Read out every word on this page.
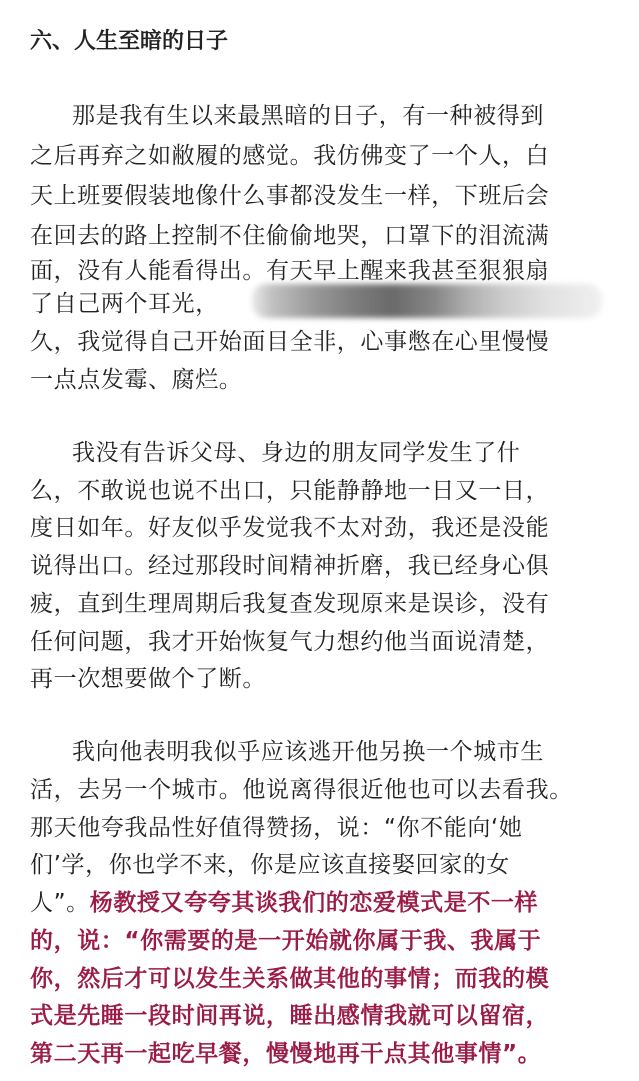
六、人生至暗的日子
那是我有生以来最黑暗的日子，有一种被得到
之后再弃之如敝履的感觉。我仿佛变了一个人，白
天上班要假装地像什么事都没发生一样，下班后会
在回去的路上控制不住偷偷地哭，口罩下的泪流满
面，没有人能看得出。有天早上醒来我甚至狠狠扇
了自己两个耳光，
久，我觉得自己开始面目全非，心事憋在心里慢慢
一点点发霉、腐烂。
我没有告诉父母、身边的朋友同学发生了什
么，不敢说也说不出口，只能静静地一日又一日，
度日如年。好友似乎发觉我不太对劲，我还是没能
说得出口。经过那段时间精神折磨，我已经身心俱
疲，直到生理周期后我复查发现原来是误诊，没有
任何问题，我才开始恢复气力想约他当面说清楚，
再一次想要做个了断。
我向他表明我似乎应该逃开他另换一个城市生
活，去另一个城市。他说离得很近他也可以去看我。
那天他夸我品性好值得赞扬，说：“你不能向‘她
们’学，你也学不来，你是应该直接娶回家的女
人”。杨教授又夸夸其谈我们的恋爱模式是不一样
的，说：“你需要的是一开始就你属于我、我属于
你，然后才可以发生关系做其他的事情；而我的模
式是先睡一段时间再说，睡出感情我就可以留宿，
第二天再一起吃早餐，慢慢地再干点其他事情”。
